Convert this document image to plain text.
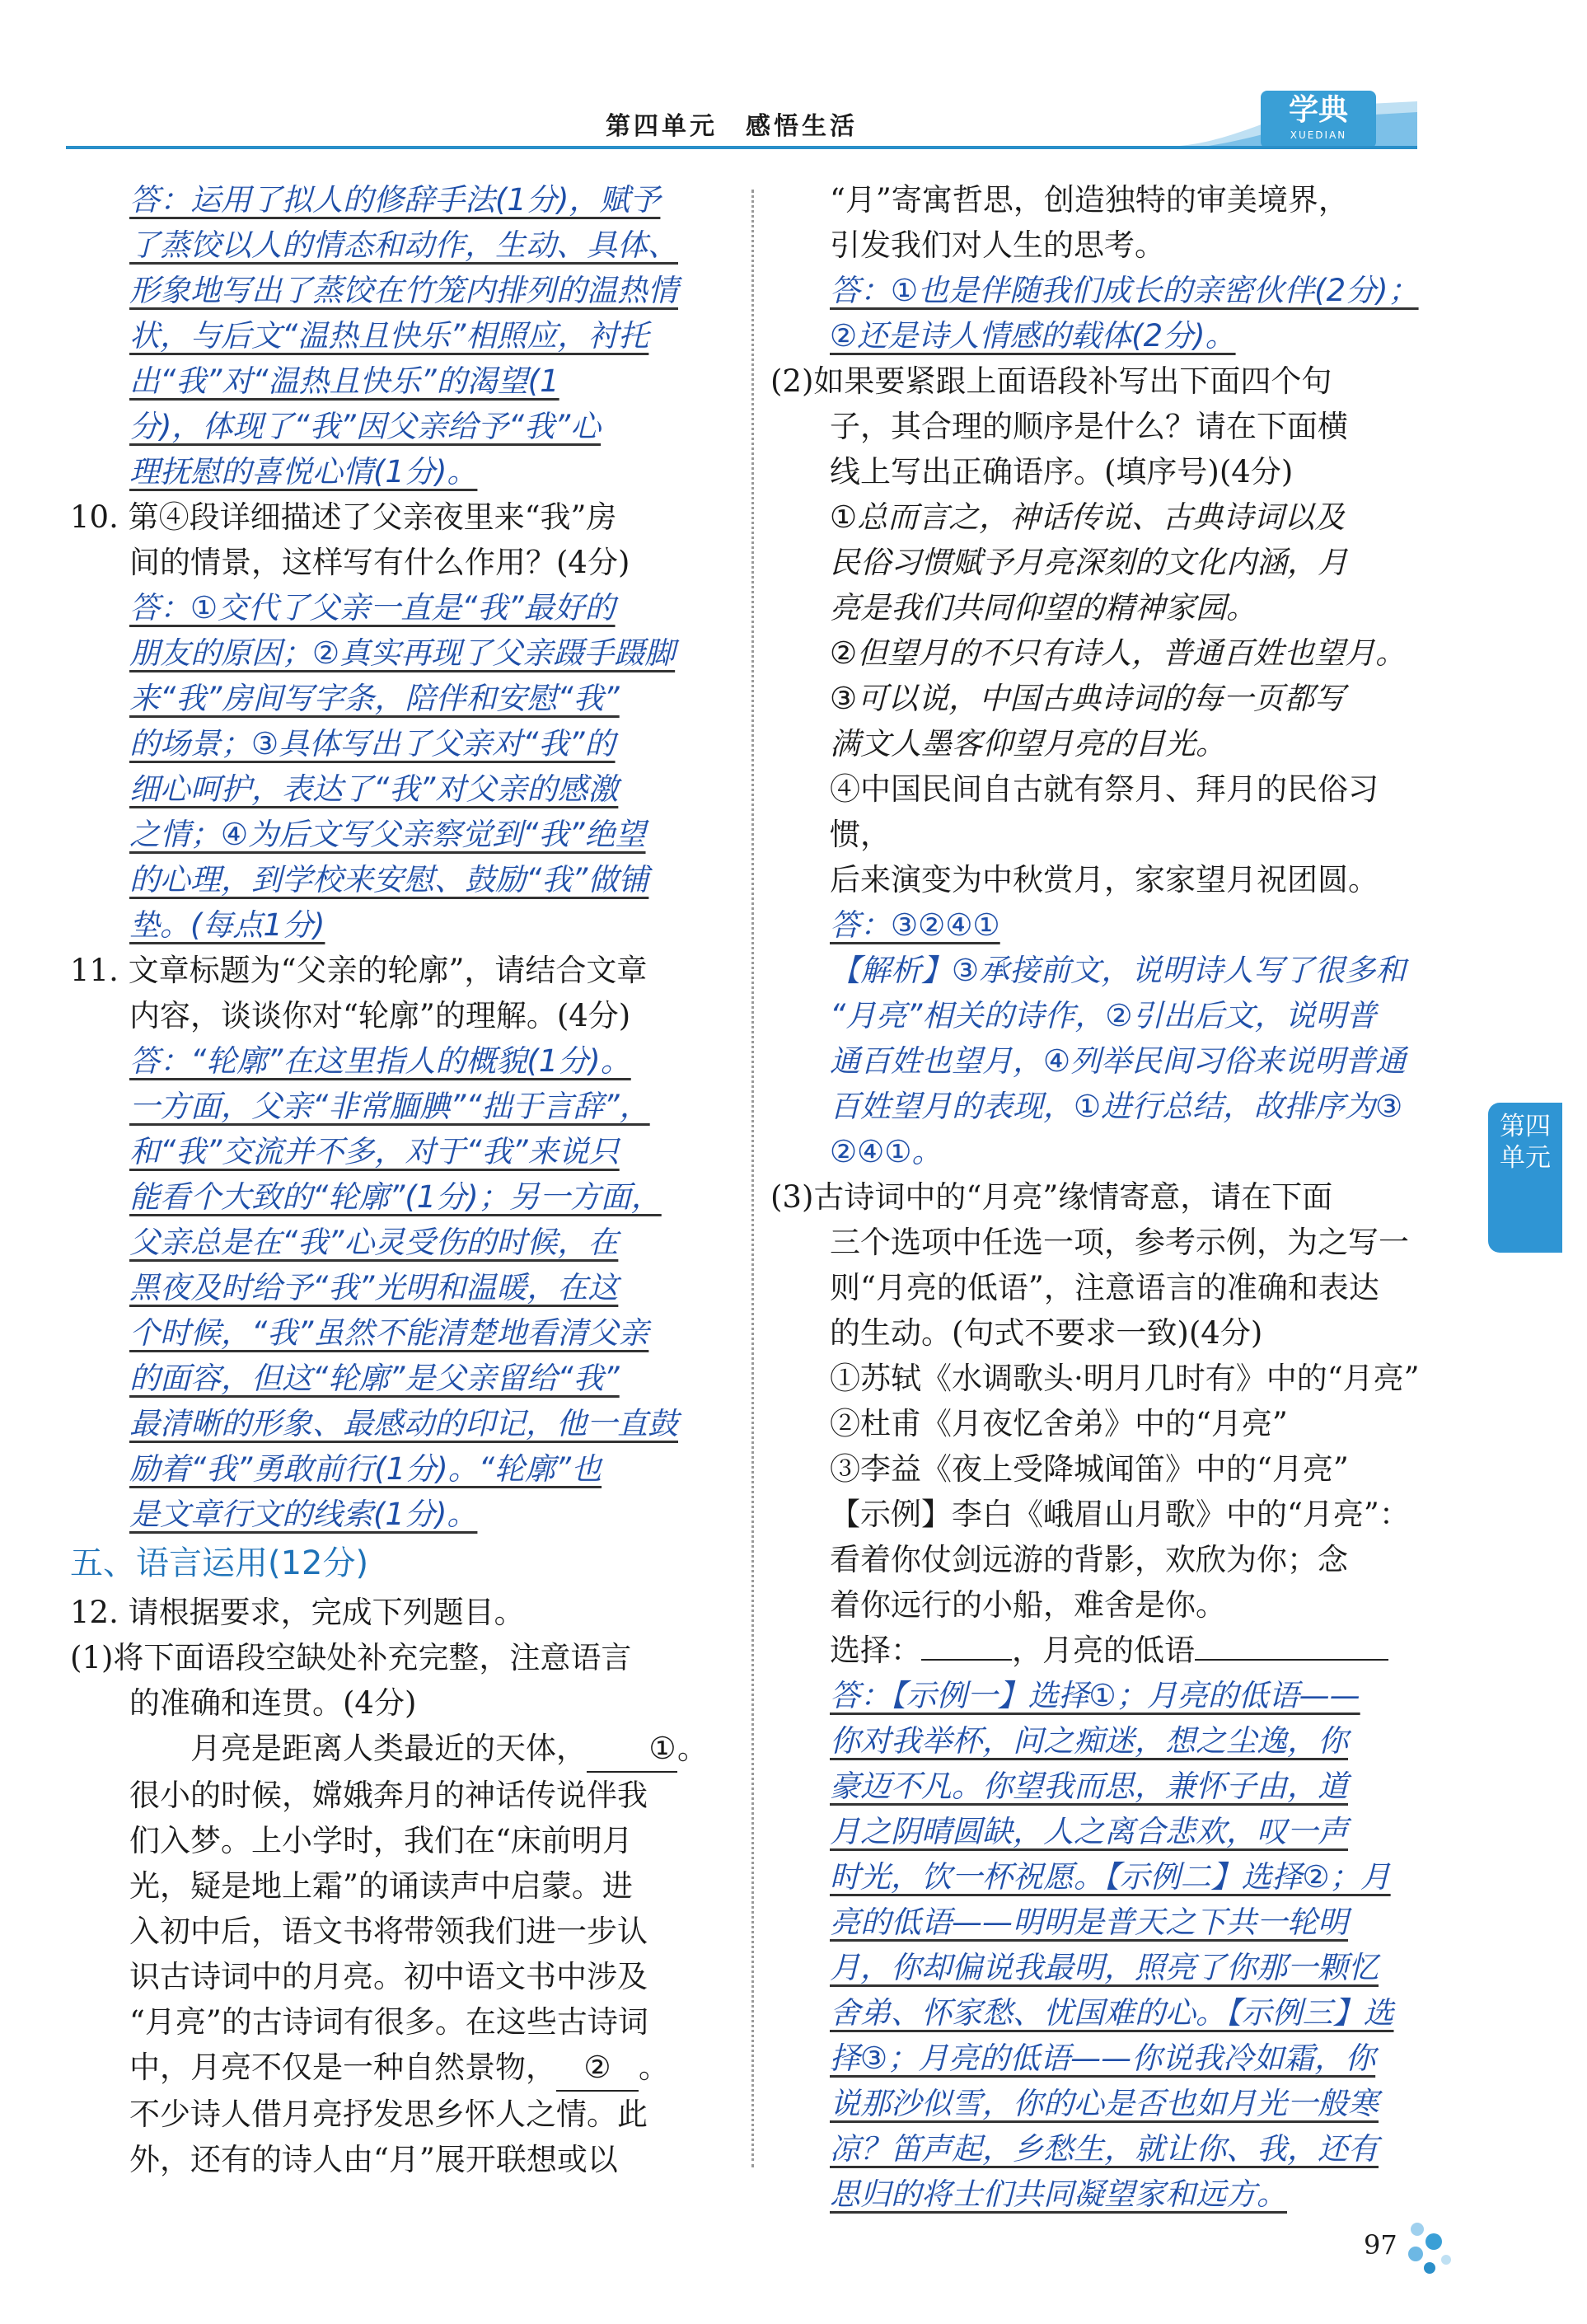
第四单元　感悟生活	学典
XUEDIAN

答：运用了拟人的修辞手法(1分)，赋予

了蒸饺以人的情态和动作，生动、具体、

形象地写出了蒸饺在竹笼内排列的温热情

状，与后文“温热且快乐”相照应，衬托

出“我”对“温热且快乐”的渴望(1

分)，体现了“我”因父亲给予“我”心

理抚慰的喜悦心情(1分)。

10. 第④段详细描述了父亲夜里来“我”房

间的情景，这样写有什么作用？(4分)

答：①交代了父亲一直是“我”最好的

朋友的原因；②真实再现了父亲蹑手蹑脚

来“我”房间写字条，陪伴和安慰“我”

的场景；③具体写出了父亲对“我”的

细心呵护，表达了“我”对父亲的感激

之情；④为后文写父亲察觉到“我”绝望

的心理，到学校来安慰、鼓励“我”做铺

垫。(每点1分)

11. 文章标题为“父亲的轮廓”，请结合文章

内容，谈谈你对“轮廓”的理解。(4分)

答：“轮廓”在这里指人的概貌(1分)。

一方面，父亲“非常腼腆”“拙于言辞”，

和“我”交流并不多，对于“我”来说只

能看个大致的“轮廓”(1分)；另一方面，

父亲总是在“我”心灵受伤的时候，在

黑夜及时给予“我”光明和温暖，在这

个时候，“我”虽然不能清楚地看清父亲

的面容，但这“轮廓”是父亲留给“我”

最清晰的形象、最感动的印记，他一直鼓

励着“我”勇敢前行(1分)。“轮廓”也

是文章行文的线索(1分)。

五、语言运用(12分)

12. 请根据要求，完成下列题目。

(1)将下面语段空缺处补充完整，注意语言

的准确和连贯。(4分)

月亮是距离人类最近的天体， ①。

很小的时候，嫦娥奔月的神话传说伴我

们入梦。上小学时，我们在“床前明月

光，疑是地上霜”的诵读声中启蒙。进

入初中后，语文书将带领我们进一步认

识古诗词中的月亮。初中语文书中涉及

“月亮”的古诗词有很多。在这些古诗词

中，月亮不仅是一种自然景物， ② 。

不少诗人借月亮抒发思乡怀人之情。此

外，还有的诗人由“月”展开联想或以

“月”寄寓哲思，创造独特的审美境界，

引发我们对人生的思考。

答：①也是伴随我们成长的亲密伙伴(2分)；

②还是诗人情感的载体(2分)。

(2)如果要紧跟上面语段补写出下面四个句

子，其合理的顺序是什么？请在下面横

线上写出正确语序。(填序号)(4分)

①总而言之，神话传说、古典诗词以及

民俗习惯赋予月亮深刻的文化内涵，月

亮是我们共同仰望的精神家园。

②但望月的不只有诗人，普通百姓也望月。

③可以说，中国古典诗词的每一页都写

满文人墨客仰望月亮的目光。

④中国民间自古就有祭月、拜月的民俗习惯，

后来演变为中秋赏月，家家望月祝团圆。

答：③②④①

【解析】③承接前文，说明诗人写了很多和

“月亮”相关的诗作，②引出后文，说明普

通百姓也望月，④列举民间习俗来说明普通

百姓望月的表现，①进行总结，故排序为③

②④①。

(3)古诗词中的“月亮”缘情寄意，请在下面

三个选项中任选一项，参考示例，为之写一

则“月亮的低语”，注意语言的准确和表达

的生动。(句式不要求一致)(4分)

①苏轼《水调歌头·明月几时有》中的“月亮”

②杜甫《月夜忆舍弟》中的“月亮”

③李益《夜上受降城闻笛》中的“月亮”

【示例】李白《峨眉山月歌》中的“月亮”：

看着你仗剑远游的背影，欢欣为你；念

着你远行的小船，难舍是你。

选择：	，月亮的低语

答：【示例一】选择①；月亮的低语——

你对我举杯，问之痴迷，想之尘逸，你

豪迈不凡。你望我而思，兼怀子由，道

月之阴晴圆缺，人之离合悲欢，叹一声

时光，饮一杯祝愿。【示例二】选择②；月

亮的低语——明明是普天之下共一轮明

月，你却偏说我最明，照亮了你那一颗忆

舍弟、怀家愁、忧国难的心。【示例三】选

择③；月亮的低语——你说我冷如霜，你

说那沙似雪，你的心是否也如月光一般寒

凉？笛声起，乡愁生，就让你、我，还有

思归的将士们共同凝望家和远方。

第四单元
97
